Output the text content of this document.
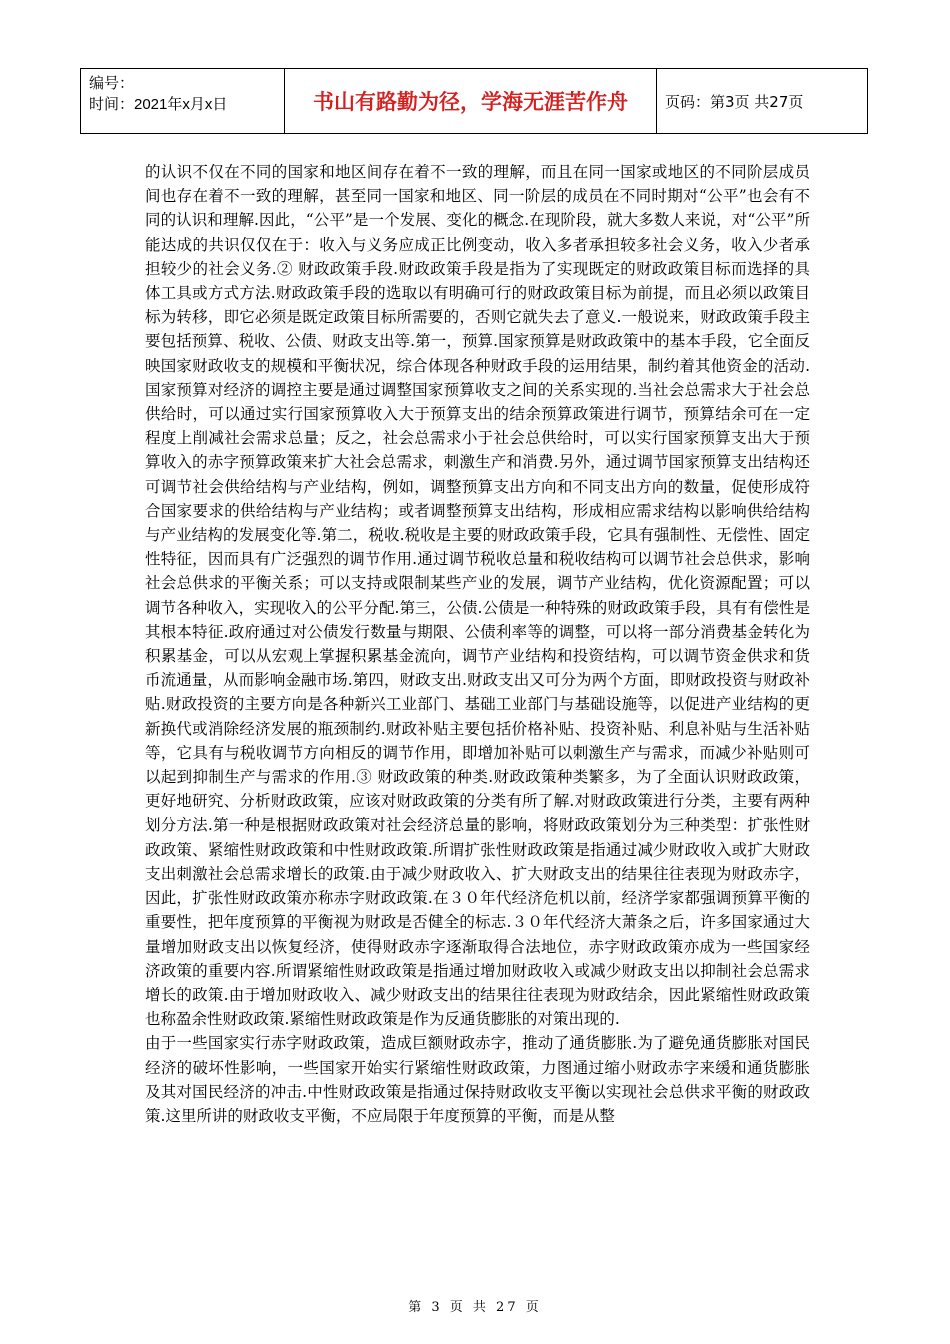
编号：
时间：2021年x月x日	书山有路勤为径，学海无涯苦作舟 页码：第3页 共27页

的认识不仅在不同的国家和地区间存在着不一致的理解，而且在同一国家或地区的不同阶层成员间也存在着不一致的理解，甚至同一国家和地区、同一阶层的成员在不同时期对“公平”也会有不同的认识和理解.因此，“公平”是一个发展、变化的概念.在现阶段，就大多数人来说，对“公平”所能达成的共识仅仅在于：收入与义务应成正比例变动，收入多者承担较多社会义务，收入少者承担较少的社会义务.② 财政政策手段.财政政策手段是指为了实现既定的财政政策目标而选择的具体工具或方式方法.财政政策手段的选取以有明确可行的财政政策目标为前提，而且必须以政策目标为转移，即它必须是既定政策目标所需要的，否则它就失去了意义.一般说来，财政政策手段主要包括预算、税收、公债、财政支出等.第一，预算.国家预算是财政政策中的基本手段，它全面反映国家财政收支的规模和平衡状况，综合体现各种财政手段的运用结果，制约着其他资金的活动.国家预算对经济的调控主要是通过调整国家预算收支之间的关系实现的.当社会总需求大于社会总供给时，可以通过实行国家预算收入大于预算支出的结余预算政策进行调节，预算结余可在一定程度上削减社会需求总量；反之，社会总需求小于社会总供给时，可以实行国家预算支出大于预算收入的赤字预算政策来扩大社会总需求，刺激生产和消费.另外，通过调节国家预算支出结构还可调节社会供给结构与产业结构，例如，调整预算支出方向和不同支出方向的数量，促使形成符合国家要求的供给结构与产业结构；或者调整预算支出结构，形成相应需求结构以影响供给结构与产业结构的发展变化等.第二，税收.税收是主要的财政政策手段，它具有强制性、无偿性、固定性特征，因而具有广泛强烈的调节作用.通过调节税收总量和税收结构可以调节社会总供求，影响社会总供求的平衡关系；可以支持或限制某些产业的发展，调节产业结构，优化资源配置；可以调节各种收入，实现收入的公平分配.第三，公债.公债是一种特殊的财政政策手段，具有有偿性是其根本特征.政府通过对公债发行数量与期限、公债利率等的调整，可以将一部分消费基金转化为积累基金，可以从宏观上掌握积累基金流向，调节产业结构和投资结构，可以调节资金供求和货币流通量，从而影响金融市场.第四，财政支出.财政支出又可分为两个方面，即财政投资与财政补贴.财政投资的主要方向是各种新兴工业部门、基础工业部门与基础设施等，以促进产业结构的更新换代或消除经济发展的瓶颈制约.财政补贴主要包括价格补贴、投资补贴、利息补贴与生活补贴等，它具有与税收调节方向相反的调节作用，即增加补贴可以刺激生产与需求，而减少补贴则可以起到抑制生产与需求的作用.③ 财政政策的种类.财政政策种类繁多，为了全面认识财政政策，更好地研究、分析财政政策，应该对财政政策的分类有所了解.对财政政策进行分类，主要有两种划分方法.第一种是根据财政政策对社会经济总量的影响，将财政政策划分为三种类型：扩张性财政政策、紧缩性财政政策和中性财政政策.所谓扩张性财政政策是指通过减少财政收入或扩大财政支出刺激社会总需求增长的政策.由于减少财政收入、扩大财政支出的结果往往表现为财政赤字，因此，扩张性财政政策亦称赤字财政政策.在３０年代经济危机以前，经济学家都强调预算平衡的重要性，把年度预算的平衡视为财政是否健全的标志.３０年代经济大萧条之后，许多国家通过大量增加财政支出以恢复经济，使得财政赤字逐渐取得合法地位，赤字财政政策亦成为一些国家经济政策的重要内容.所谓紧缩性财政政策是指通过增加财政收入或减少财政支出以抑制社会总需求增长的政策.由于增加财政收入、减少财政支出的结果往往表现为财政结余，因此紧缩性财政政策也称盈余性财政政策.紧缩性财政政策是作为反通货膨胀的对策出现的.

由于一些国家实行赤字财政政策，造成巨额财政赤字，推动了通货膨胀.为了避免通货膨胀对国民经济的破坏性影响，一些国家开始实行紧缩性财政政策，力图通过缩小财政赤字来缓和通货膨胀及其对国民经济的冲击.中性财政政策是指通过保持财政收支平衡以实现社会总供求平衡的财政政策.这里所讲的财政收支平衡，不应局限于年度预算的平衡，而是从整

第 3 页 共 27 页
